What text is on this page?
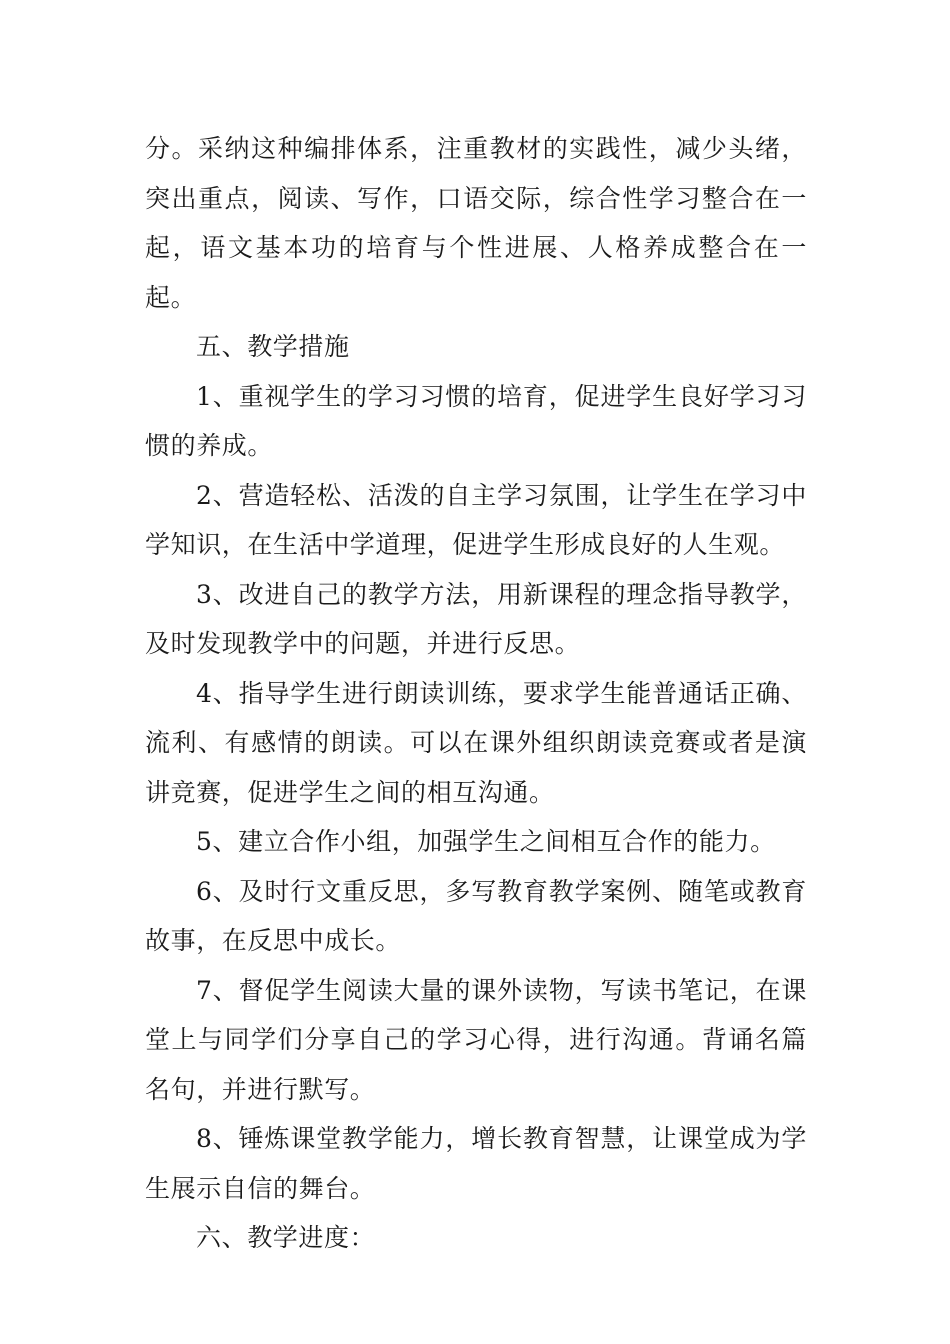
分。采纳这种编排体系，注重教材的实践性，减少头绪，突出重点，阅读、写作，口语交际，综合性学习整合在一起，语文基本功的培育与个性进展、人格养成整合在一起。

五、教学措施

1、重视学生的学习习惯的培育，促进学生良好学习习惯的养成。

2、营造轻松、活泼的自主学习氛围，让学生在学习中学知识，在生活中学道理，促进学生形成良好的人生观。

3、改进自己的教学方法，用新课程的理念指导教学，及时发现教学中的问题，并进行反思。

4、指导学生进行朗读训练，要求学生能普通话正确、流利、有感情的朗读。可以在课外组织朗读竞赛或者是演讲竞赛，促进学生之间的相互沟通。

5、建立合作小组，加强学生之间相互合作的能力。

6、及时行文重反思，多写教育教学案例、随笔或教育故事，在反思中成长。

7、督促学生阅读大量的课外读物，写读书笔记，在课堂上与同学们分享自己的学习心得，进行沟通。背诵名篇名句，并进行默写。

8、锤炼课堂教学能力，增长教育智慧，让课堂成为学生展示自信的舞台。

六、教学进度：
